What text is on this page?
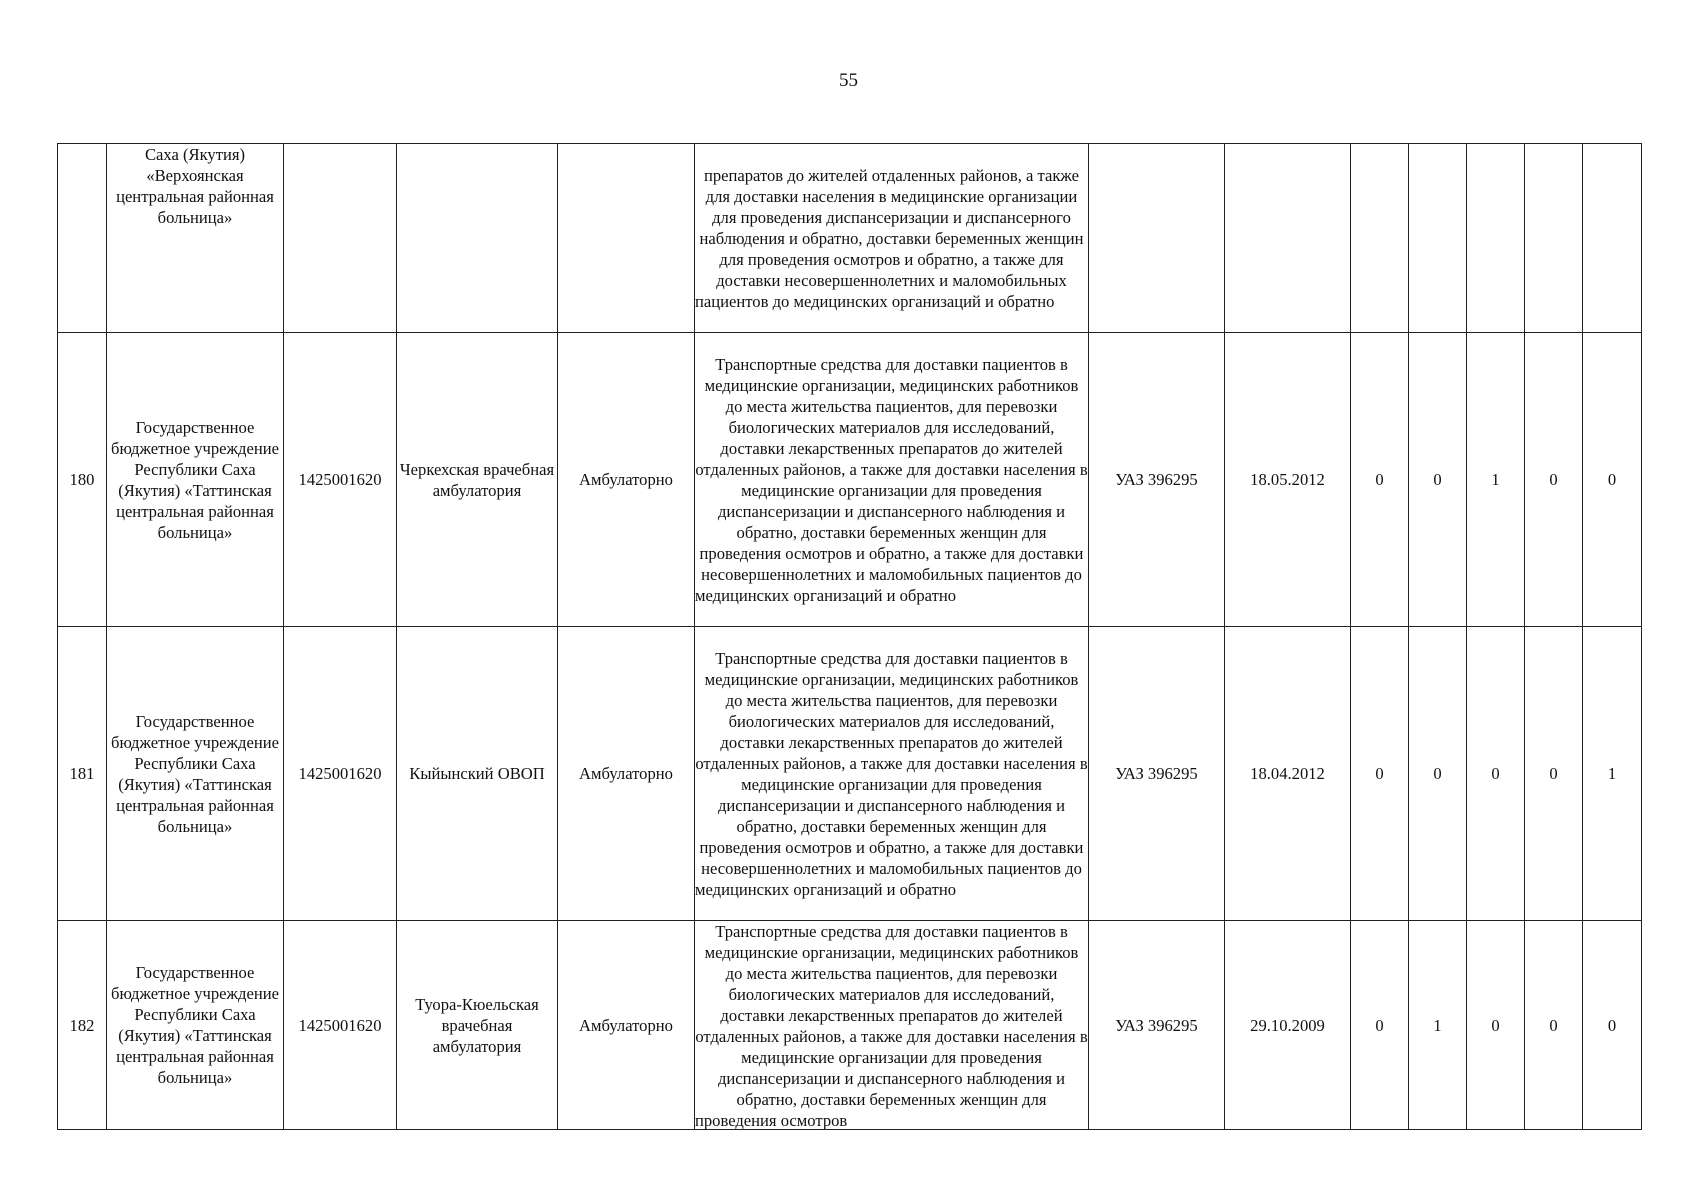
55
	Саха (Якутия) «Верхоянская центральная районная больница»				препаратов до жителей отдаленных районов, а также для доставки населения в медицинские организации для проведения диспансеризации и диспансерного наблюдения и обратно, доставки беременных женщин для проведения осмотров и обратно, а также для доставки несовершеннолетних и маломобильных пациентов до медицинских организаций и обратно							
180	Государственное бюджетное учреждение Республики Саха (Якутия) «Таттинская центральная районная больница»	1425001620	Черкехская врачебная амбулатория	Амбулаторно	Транспортные средства для доставки пациентов в медицинские организации, медицинских работников до места жительства пациентов, для перевозки биологических материалов для исследований, доставки лекарственных препаратов до жителей отдаленных районов, а также для доставки населения в медицинские организации для проведения диспансеризации и диспансерного наблюдения и обратно, доставки беременных женщин для проведения осмотров и обратно, а также для доставки несовершеннолетних и маломобильных пациентов до медицинских организаций и обратно	УАЗ 396295	18.05.2012	0	0	1	0	0
181	Государственное бюджетное учреждение Республики Саха (Якутия) «Таттинская центральная районная больница»	1425001620	Кыйынский ОВОП	Амбулаторно	Транспортные средства для доставки пациентов в медицинские организации, медицинских работников до места жительства пациентов, для перевозки биологических материалов для исследований, доставки лекарственных препаратов до жителей отдаленных районов, а также для доставки населения в медицинские организации для проведения диспансеризации и диспансерного наблюдения и обратно, доставки беременных женщин для проведения осмотров и обратно, а также для доставки несовершеннолетних и маломобильных пациентов до медицинских организаций и обратно	УАЗ 396295	18.04.2012	0	0	0	0	1
182	Государственное бюджетное учреждение Республики Саха (Якутия) «Таттинская центральная районная больница»	1425001620	Туора-Кюельская врачебная амбулатория	Амбулаторно	Транспортные средства для доставки пациентов в медицинские организации, медицинских работников до места жительства пациентов, для перевозки биологических материалов для исследований, доставки лекарственных препаратов до жителей отдаленных районов, а также для доставки населения в медицинские организации для проведения диспансеризации и диспансерного наблюдения и обратно, доставки беременных женщин для проведения осмотров	УАЗ 396295	29.10.2009	0	1	0	0	0
